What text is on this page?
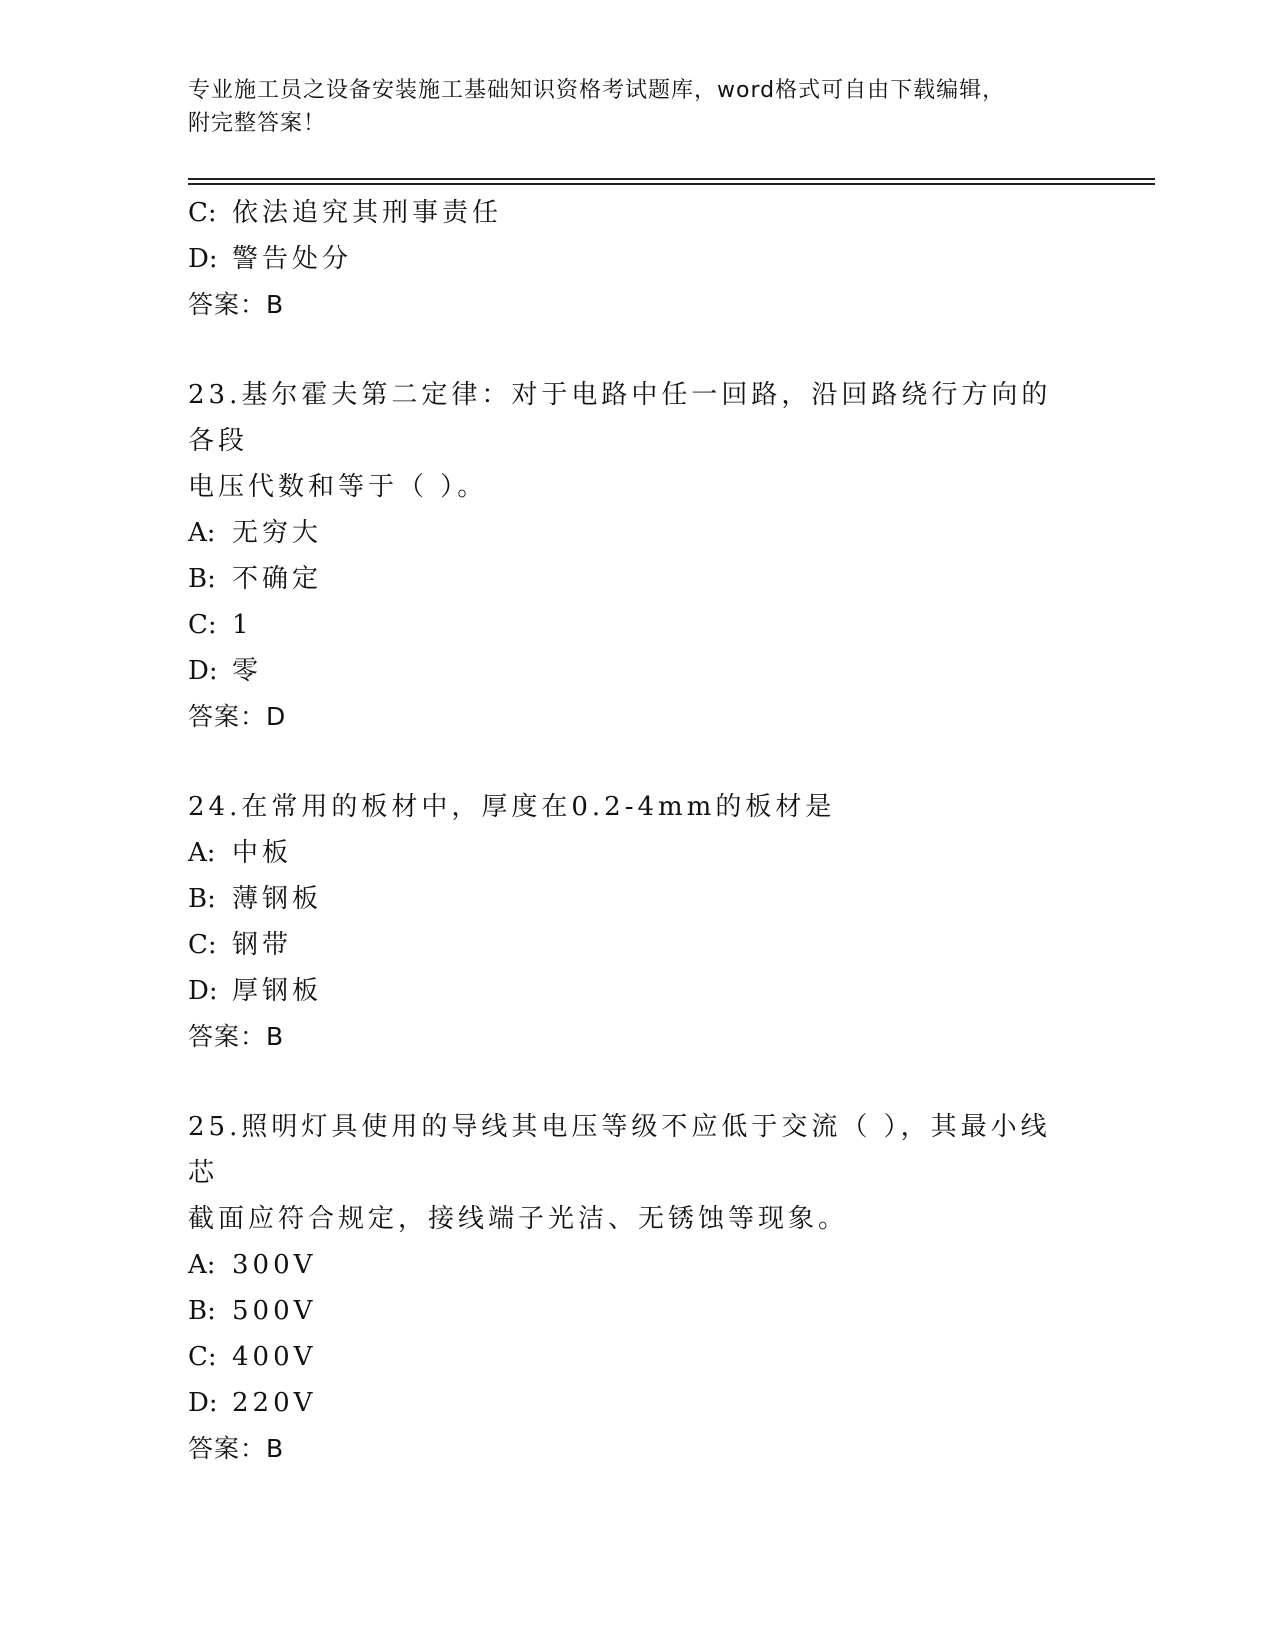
专业施工员之设备安装施工基础知识资格考试题库，word格式可自由下载编辑，
附完整答案！
C: 依法追究其刑事责任
D: 警告处分
答案：B
23.基尔霍夫第二定律：对于电路中任一回路，沿回路绕行方向的各段
电压代数和等于（ ）。
A: 无穷大
B: 不确定
C: 1
D: 零
答案：D
24.在常用的板材中，厚度在0.2-4mm的板材是
A: 中板
B: 薄钢板
C: 钢带
D: 厚钢板
答案：B
25.照明灯具使用的导线其电压等级不应低于交流（ ），其最小线芯
截面应符合规定，接线端子光洁、无锈蚀等现象。
A: 300V
B: 500V
C: 400V
D: 220V
答案：B
